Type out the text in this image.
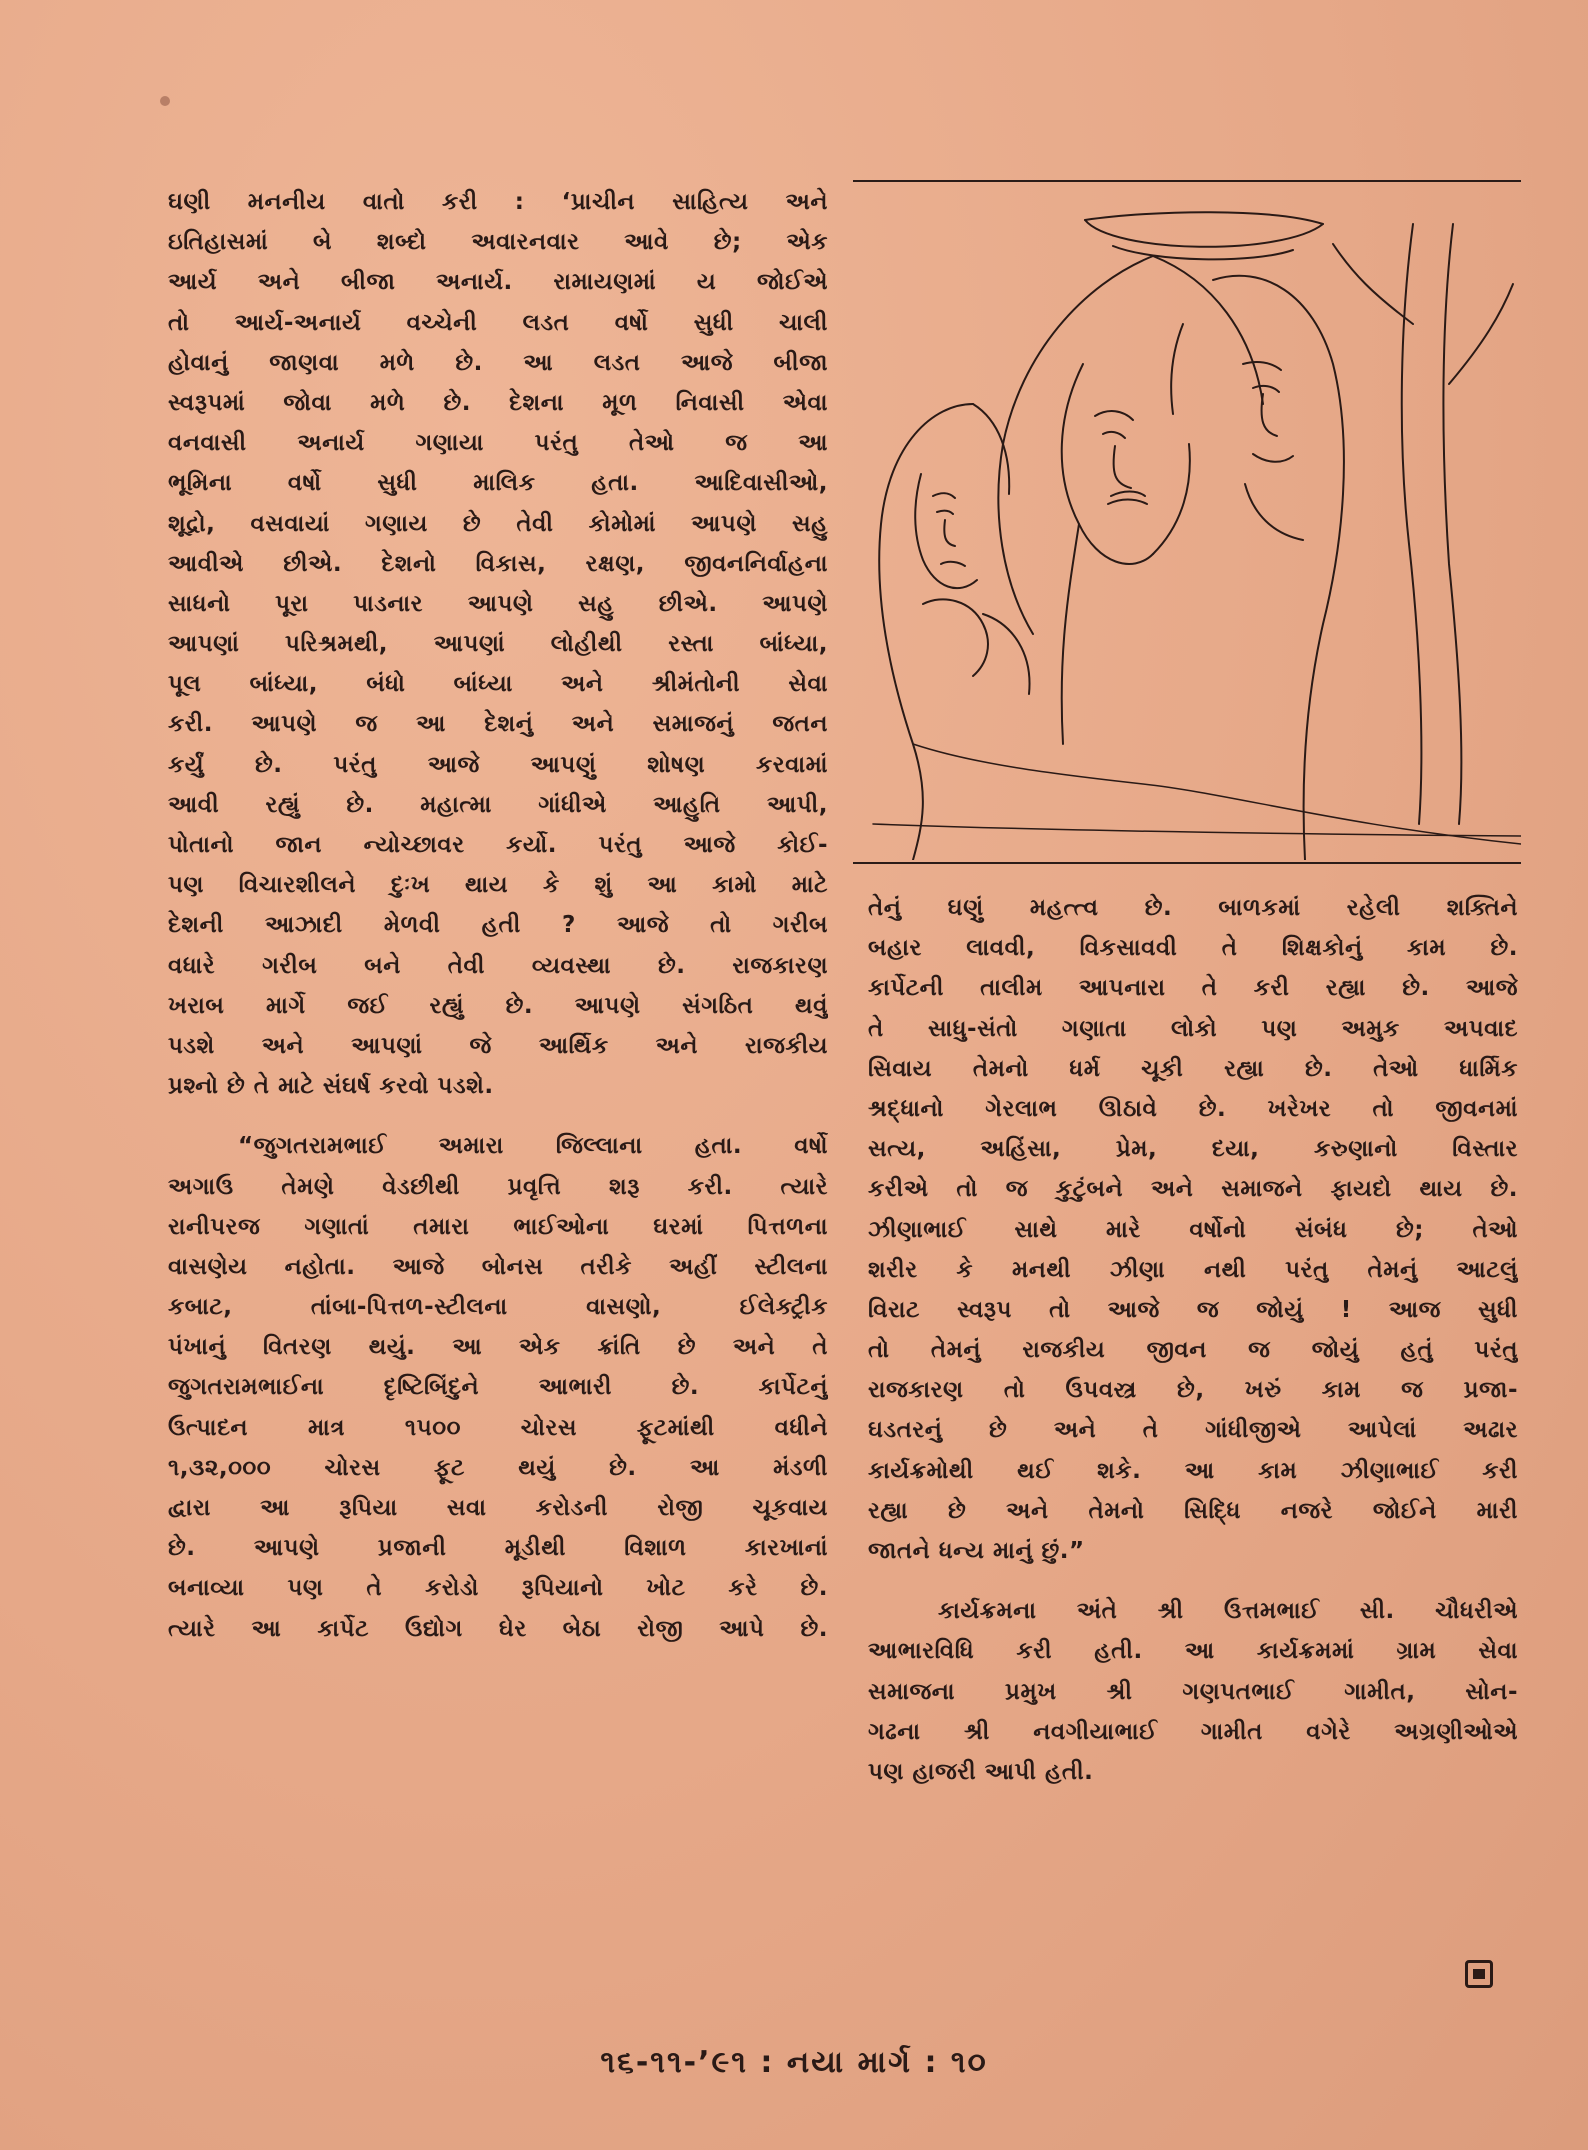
ઘણી મનનીય વાતો કરી : ‘પ્રાચીન સાહિત્ય અને
ઇતિહાસમાં બે શબ્દો અવારનવાર આવે છે; એક
આર્ય અને બીજા અનાર્ય. રામાયણમાં ય જોઈએ
તો આર્ય-અનાર્ય વચ્ચેની લડત વર્ષો સુધી ચાલી
હોવાનું જાણવા મળે છે. આ લડત આજે બીજા
સ્વરૂપમાં જોવા મળે છે. દેશના મૂળ નિવાસી એવા
વનવાસી અનાર્ય ગણાયા પરંતુ તેઓ જ આ
ભૂમિના વર્ષો સુધી માલિક હતા. આદિવાસીઓ,
શૂદ્રો, વસવાયાં ગણાય છે તેવી કોમોમાં આપણે સહુ
આવીએ છીએ. દેશનો વિકાસ, રક્ષણ, જીવનનિર્વાહના
સાધનો પૂરા પાડનાર આપણે સહુ છીએ. આપણે
આપણાં પરિશ્રમથી, આપણાં લોહીથી રસ્તા બાંધ્યા,
પૂલ બાંધ્યા, બંધો બાંધ્યા અને શ્રીમંતોની સેવા
કરી. આપણે જ આ દેશનું અને સમાજનું જતન
કર્યું છે. પરંતુ આજે આપણું શોષણ કરવામાં
આવી રહ્યું છે. મહાત્મા ગાંધીએ આહુતિ આપી,
પોતાનો જાન ન્યોચ્છાવર કર્યો. પરંતુ આજે કોઈ-
પણ વિચારશીલને દુઃખ થાય કે શું આ કામો માટે
દેશની આઝાદી મેળવી હતી ? આજે તો ગરીબ
વધારે ગરીબ બને તેવી વ્યવસ્થા છે. રાજકારણ
ખરાબ માર્ગે જઈ રહ્યું છે. આપણે સંગઠિત થવું
પડશે અને આપણાં જે આર્થિક અને રાજકીય
પ્રશ્નો છે તે માટે સંઘર્ષ કરવો પડશે.
“જુગતરામભાઈ અમારા જિલ્લાના હતા. વર્ષો
અગાઉ તેમણે વેડછીથી પ્રવૃત્તિ શરૂ કરી. ત્યારે
રાનીપરજ ગણાતાં તમારા ભાઈઓના ઘરમાં પિત્તળના
વાસણેય નહોતા. આજે બોનસ તરીકે અહીં સ્ટીલના
કબાટ, તાંબા-પિત્તળ-સ્ટીલના વાસણો, ઈલેક્ટ્રીક
પંખાનું વિતરણ થયું. આ એક ક્રાંતિ છે અને તે
જુગતરામભાઈના દૃષ્ટિબિંદુને આભારી છે. કાર્પેટનું
ઉત્પાદન માત્ર ૧૫૦૦ ચોરસ ફૂટમાંથી વધીને
૧,૩૨,૦૦૦ ચોરસ ફૂટ થયું છે. આ મંડળી
દ્વારા આ રૂપિયા સવા કરોડની રોજી ચૂકવાય
છે. આપણે પ્રજાની મૂડીથી વિશાળ કારખાનાં
બનાવ્યા પણ તે કરોડો રૂપિયાનો ખોટ કરે છે.
ત્યારે આ કાર્પેટ ઉદ્યોગ ઘેર બેઠા રોજી આપે છે.
તેનું ઘણું મહત્ત્વ છે. બાળકમાં રહેલી શક્તિને
બહાર લાવવી, વિકસાવવી તે શિક્ષકોનું કામ છે.
કાર્પેટની તાલીમ આપનારા તે કરી રહ્યા છે. આજે
તે સાધુ-સંતો ગણાતા લોકો પણ અમુક અપવાદ
સિવાય તેમનો ધર્મ ચૂકી રહ્યા છે. તેઓ ધાર્મિક
શ્રદ્ધાનો ગેરલાભ ઊઠાવે છે. ખરેખર તો જીવનમાં
સત્ય, અહિંસા, પ્રેમ, દયા, કરુણાનો વિસ્તાર
કરીએ તો જ કુટુંબને અને સમાજને ફાયદો થાય છે.
ઝીણાભાઈ સાથે મારે વર્ષોનો સંબંધ છે; તેઓ
શરીર કે મનથી ઝીણા નથી પરંતુ તેમનું આટલું
વિરાટ સ્વરૂપ તો આજે જ જોયું ! આજ સુધી
તો તેમનું રાજકીય જીવન જ જોયું હતું પરંતુ
રાજકારણ તો ઉપવસ્ત્ર છે, ખરું કામ જ પ્રજા-
ઘડતરનું છે અને તે ગાંધીજીએ આપેલાં અઢાર
કાર્યક્રમોથી થઈ શકે. આ કામ ઝીણાભાઈ કરી
રહ્યા છે અને તેમનો સિદ્ધિ નજરે જોઈને મારી
જાતને ધન્ય માનું છું.”
કાર્યક્રમના અંતે શ્રી ઉત્તમભાઈ સી. ચૌધરીએ
આભારવિધિ કરી હતી. આ કાર્યક્રમમાં ગ્રામ સેવા
સમાજના પ્રમુખ શ્રી ગણપતભાઈ ગામીત, સોન-
ગઢના શ્રી નવગીયાભાઈ ગામીત વગેરે અગ્રણીઓએ
પણ હાજરી આપી હતી.
૧૬-૧૧-’૯૧ : નયા માર્ગ : ૧૦
